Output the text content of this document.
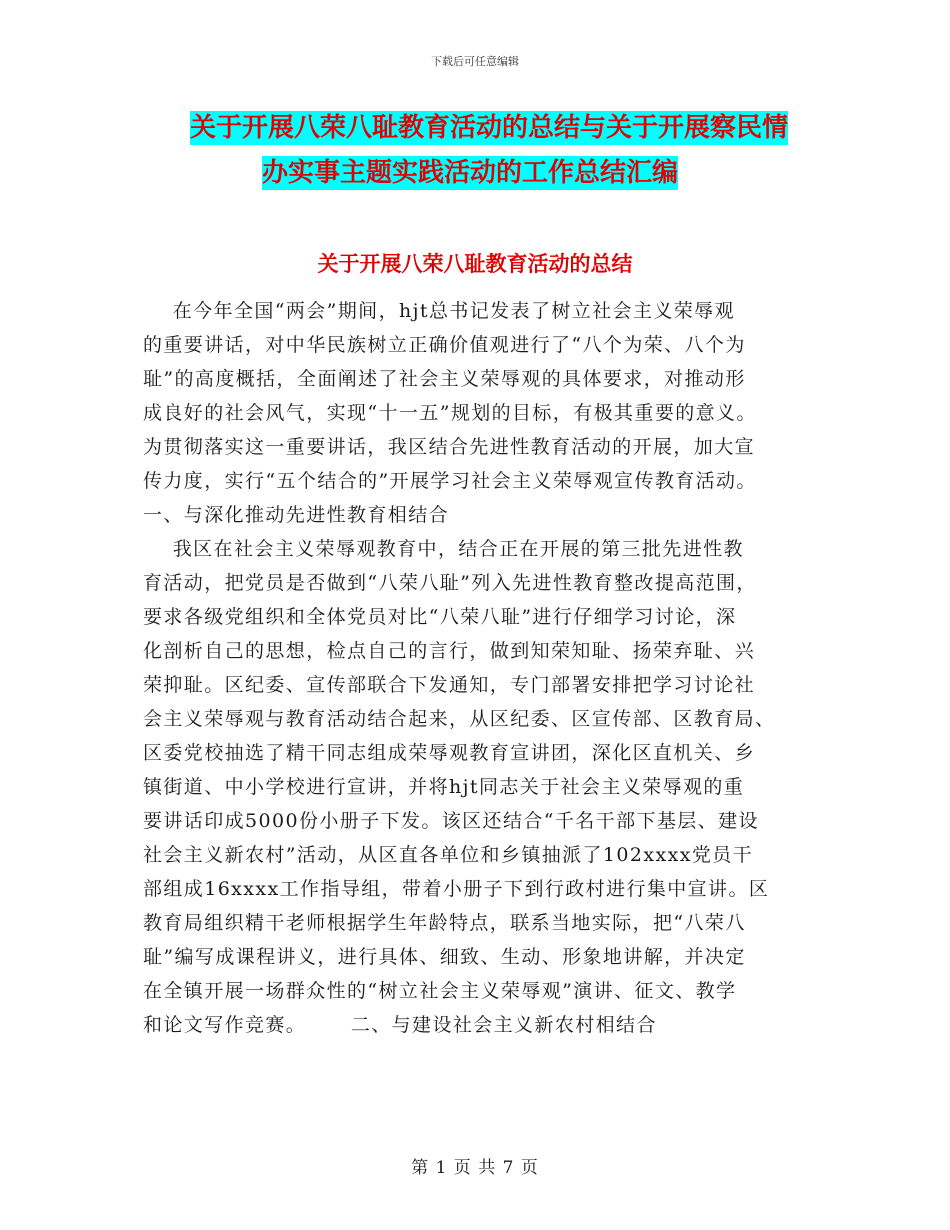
下载后可任意编辑
关于开展八荣八耻教育活动的总结与关于开展察民情
办实事主题实践活动的工作总结汇编
关于开展八荣八耻教育活动的总结
在今年全国“两会”期间，hjt总书记发表了树立社会主义荣辱观
的重要讲话，对中华民族树立正确价值观进行了“八个为荣、八个为
耻”的高度概括，全面阐述了社会主义荣辱观的具体要求，对推动形
成良好的社会风气，实现“十一五”规划的目标，有极其重要的意义。
为贯彻落实这一重要讲话，我区结合先进性教育活动的开展，加大宣
传力度，实行“五个结合的”开展学习社会主义荣辱观宣传教育活动。
一、与深化推动先进性教育相结合
我区在社会主义荣辱观教育中，结合正在开展的第三批先进性教
育活动，把党员是否做到“八荣八耻”列入先进性教育整改提高范围，
要求各级党组织和全体党员对比“八荣八耻”进行仔细学习讨论，深
化剖析自己的思想，检点自己的言行，做到知荣知耻、扬荣弃耻、兴
荣抑耻。区纪委、宣传部联合下发通知，专门部署安排把学习讨论社
会主义荣辱观与教育活动结合起来，从区纪委、区宣传部、区教育局、
区委党校抽选了精干同志组成荣辱观教育宣讲团，深化区直机关、乡
镇街道、中小学校进行宣讲，并将hjt同志关于社会主义荣辱观的重
要讲话印成5000份小册子下发。该区还结合“千名干部下基层、建设
社会主义新农村”活动，从区直各单位和乡镇抽派了102xxxx党员干
部组成16xxxx工作指导组，带着小册子下到行政村进行集中宣讲。区
教育局组织精干老师根据学生年龄特点，联系当地实际，把“八荣八
耻”编写成课程讲义，进行具体、细致、生动、形象地讲解，并决定
在全镇开展一场群众性的“树立社会主义荣辱观”演讲、征文、教学
和论文写作竞赛。      二、与建设社会主义新农村相结合
第 1 页 共 7 页
